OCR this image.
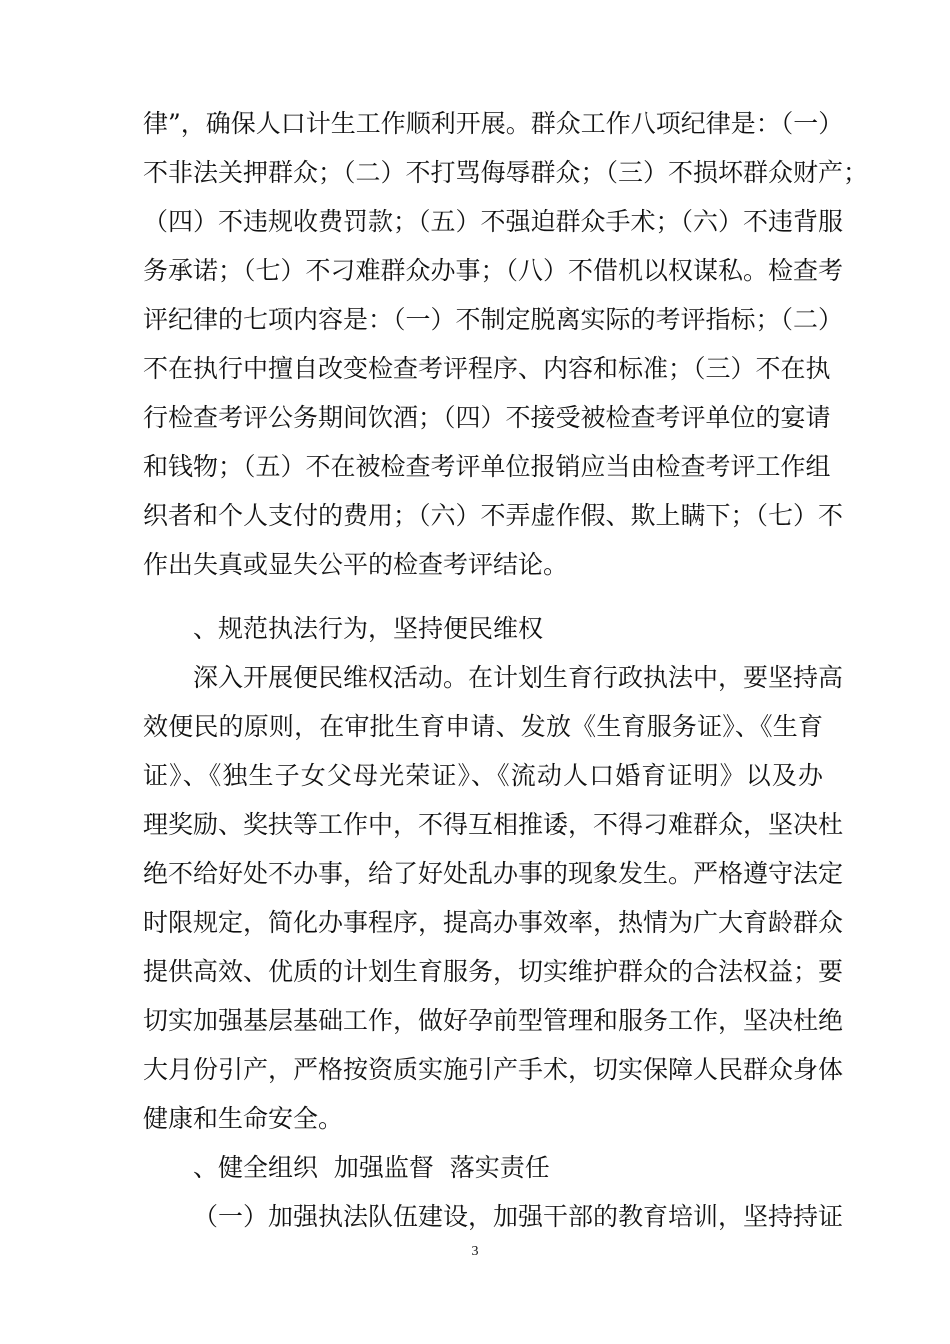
律”，确保人口计生工作顺利开展。群众工作八项纪律是：（一）
不非法关押群众；（二）不打骂侮辱群众；（三）不损坏群众财产；
（四）不违规收费罚款；（五）不强迫群众手术；（六）不违背服
务承诺；（七）不刁难群众办事；（八）不借机以权谋私。检查考
评纪律的七项内容是：（一）不制定脱离实际的考评指标；（二）
不在执行中擅自改变检查考评程序、内容和标准；（三）不在执
行检查考评公务期间饮酒；（四）不接受被检查考评单位的宴请
和钱物；（五）不在被检查考评单位报销应当由检查考评工作组
织者和个人支付的费用；（六）不弄虚作假、欺上瞒下；（七）不
作出失真或显失公平的检查考评结论。
、规范执法行为，坚持便民维权
深入开展便民维权活动。在计划生育行政执法中，要坚持高
效便民的原则，在审批生育申请、发放《生育服务证》、《生育
证》、《独生子女父母光荣证》、《流动人口婚育证明》以及办
理奖励、奖扶等工作中，不得互相推诿，不得刁难群众，坚决杜
绝不给好处不办事，给了好处乱办事的现象发生。严格遵守法定
时限规定，简化办事程序，提高办事效率，热情为广大育龄群众
提供高效、优质的计划生育服务，切实维护群众的合法权益；要
切实加强基层基础工作，做好孕前型管理和服务工作，坚决杜绝
大月份引产，严格按资质实施引产手术，切实保障人民群众身体
健康和生命安全。
、健全组织  加强监督  落实责任
（一）加强执法队伍建设，加强干部的教育培训，坚持持证
3
